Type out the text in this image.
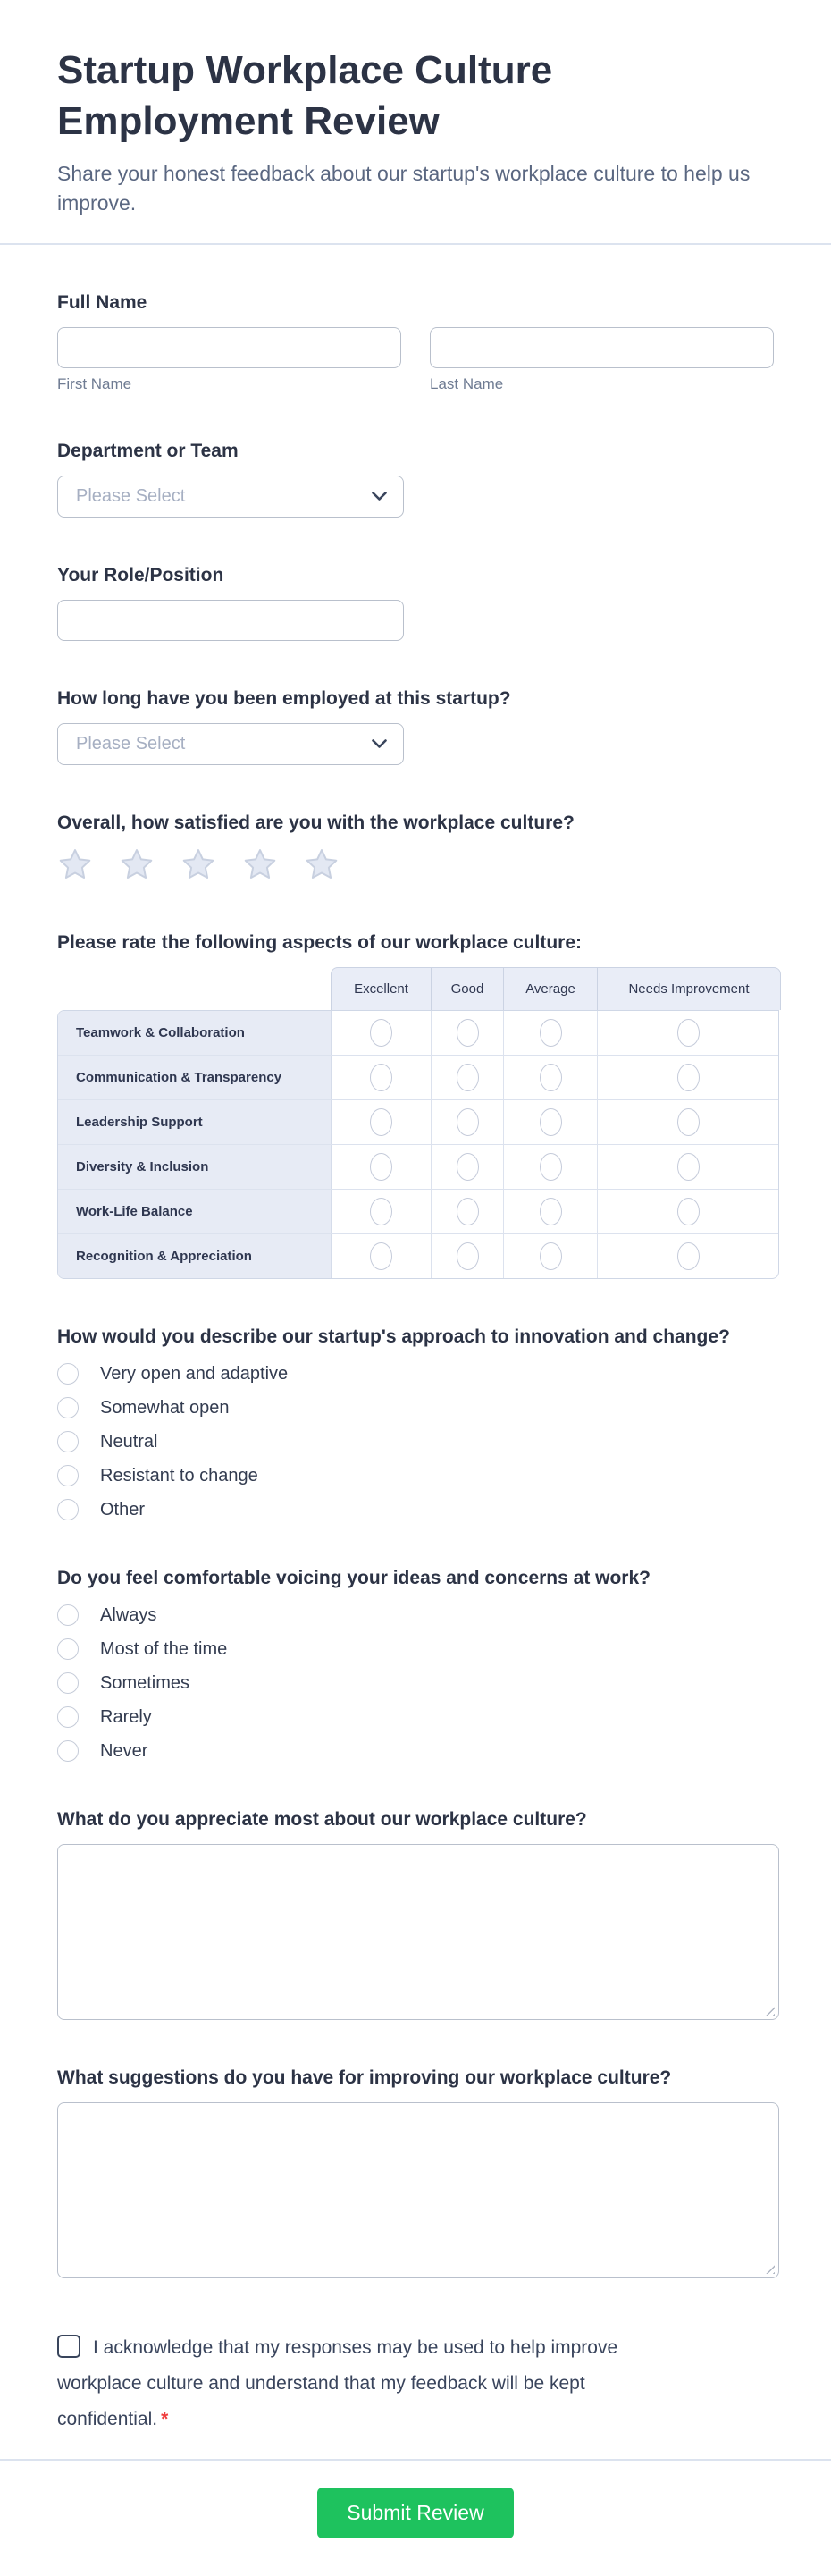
Startup Workplace Culture Employment Review

Share your honest feedback about our startup's workplace culture to help us improve.

Full Name
First Name	Last Name
Department or Team
Please Select
Your Role/Position
How long have you been employed at this startup?
Please Select
Overall, how satisfied are you with the workplace culture?
Please rate the following aspects of our workplace culture:
Excellent	Good	Average	Needs Improvement
Teamwork & Collaboration
Communication & Transparency
Leadership Support
Diversity & Inclusion
Work-Life Balance
Recognition & Appreciation
How would you describe our startup's approach to innovation and change?
Very open and adaptive
Somewhat open
Neutral
Resistant to change
Other
Do you feel comfortable voicing your ideas and concerns at work?
Always
Most of the time
Sometimes
Rarely
Never
What do you appreciate most about our workplace culture?
What suggestions do you have for improving our workplace culture?
I acknowledge that my responses may be used to help improve workplace culture and understand that my feedback will be kept confidential. *
Submit Review
